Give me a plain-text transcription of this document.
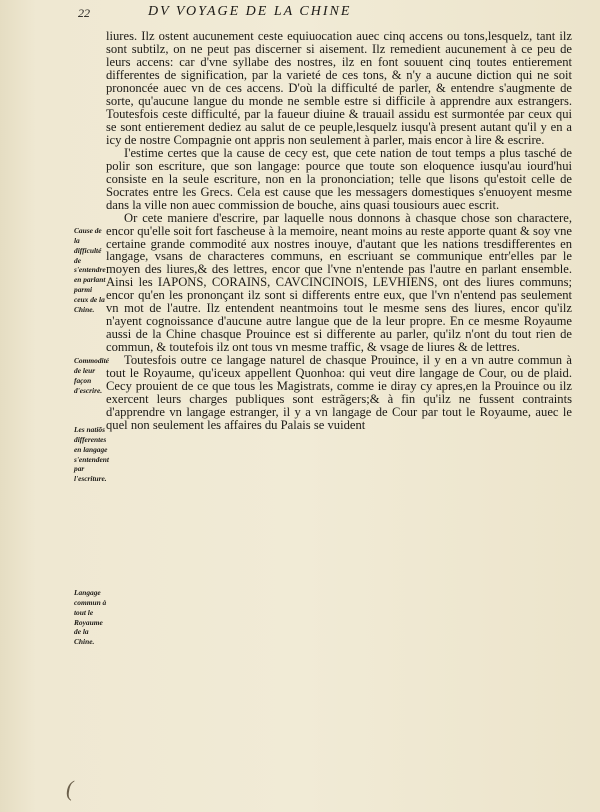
22	DV VOYAGE DE LA CHINE
Cause de la difficulté de s'entendre en parlant parmi ceux de la Chine.
Commodité de leur façon d'escrire.
Les natiõs differentes en langage s'entendent par l'escriture.
Langage commun à tout le Royaume de la Chine.

liures. Ilz ostent aucunement ceste equiuocation auec cinq accens ou tons,lesquelz, tant ilz sont subtilz, on ne peut pas discerner si aisement. Ilz remedient aucunement à ce peu de leurs accens: car d'vne syllabe des nostres, ilz en font souuent cinq toutes entierement differentes de signification, par la varieté de ces tons, & n'y a aucune diction qui ne soit prononcée auec vn de ces accens. D'où la difficulté de parler, & entendre s'augmente de sorte, qu'aucune langue du monde ne semble estre si difficile à apprendre aux estrangers. Toutesfois ceste difficulté, par la faueur diuine & trauail assidu est surmontée par ceux qui se sont entierement dediez au salut de ce peuple,lesquelz iusqu'à present autant qu'il y en a icy de nostre Compagnie ont appris non seulement à parler, mais encor à lire & escrire.

I'estime certes que la cause de cecy est, que cete nation de tout temps a plus tasché de polir son escriture, que son langage: pource que toute son eloquence iusqu'au iourd'hui consiste en la seule escriture, non en la prononciation; telle que lisons qu'estoit celle de Socrates entre les Grecs. Cela est cause que les messagers domestiques s'enuoyent mesme dans la ville non auec commission de bouche, ains quasi tousiours auec escrit.

Or cete maniere d'escrire, par laquelle nous donnons à chasque chose son charactere, encor qu'elle soit fort fascheuse à la memoire, neant moins au reste apporte quant & soy vne certaine grande commodité aux nostres inouye, d'autant que les nations tresdifferentes en langage, vsans de characteres communs, en escriuant se communique entr'elles par le moyen des liures,& des lettres, encor que l'vne n'entende pas l'autre en parlant ensemble. Ainsi les IAPONS, CORAINS, CAVCINCINOIS, LEVHIENS, ont des liures communs; encor qu'en les prononçant ilz sont si differents entre eux, que l'vn n'entend pas seulement vn mot de l'autre. Ilz entendent neantmoins tout le mesme sens des liures, encor qu'ilz n'ayent cognoissance d'aucune autre langue que de la leur propre. En ce mesme Royaume aussi de la Chine chasque Prouince est si differente au parler, qu'ilz n'ont du tout rien de commun, & toutefois ilz ont tous vn mesme traffic, & vsage de liures & de lettres.

Toutesfois outre ce langage naturel de chasque Prouince, il y en a vn autre commun à tout le Royaume, qu'iceux appellent Quonhoa: qui veut dire langage de Cour, ou de plaid. Cecy prouient de ce que tous les Magistrats, comme ie diray cy apres,en la Prouince ou ilz exercent leurs charges publiques sont estrãgers;& à fin qu'ilz ne fussent contraints d'apprendre vn langage estranger, il y a vn langage de Cour par tout le Royaume, auec le quel non seulement les affaires du Palais se vuident

(
